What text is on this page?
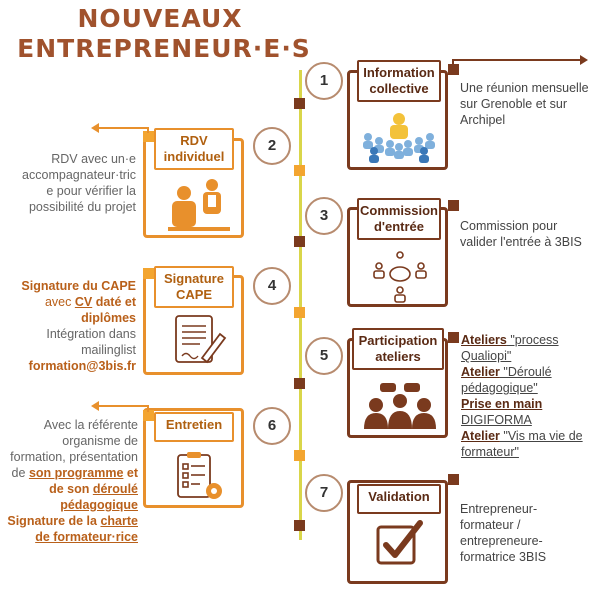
NOUVEAUX
ENTREPRENEUR·E·S
1	Information
collective	Une réunion mensuelle
sur Grenoble et sur
Archipel
2
RDV
individuel
RDV avec un·e
accompagnateur·tric
e pour vérifier la
possibilité du projet	3	Commission
d'entrée	Commission pour
valider l'entrée à 3BIS
4
Signature
CAPE
Signature du CAPE
avec CV daté et
diplômes
Intégration dans
mailinglist
formation@3bis.fr
5
Participation
ateliers
Ateliers "process
Qualiopi"
Atelier "Déroulé
pédagogique"
Prise en main
DIGIFORMA
Atelier "Vis ma vie de
formateur"
6
Entretien
Avec la référente
organisme de
formation, présentation
de son programme et
de son déroulé
pédagogique
Signature de la charte
de formateur·rice
7	Validation
Entrepreneur-
formateur /
entrepreneure-
formatrice 3BIS
